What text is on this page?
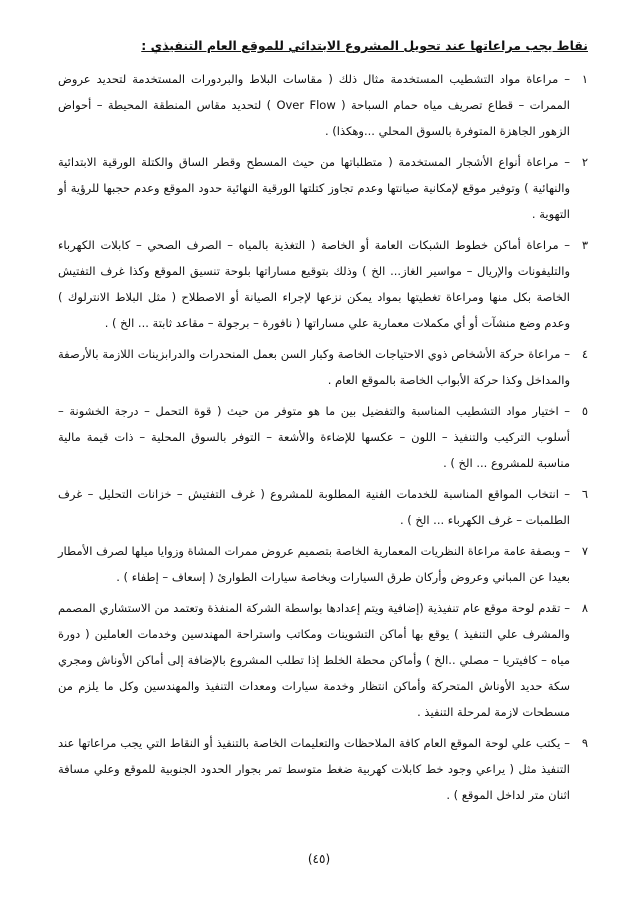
نقاط يجب مراعاتها عند تحويل المشروع الابتدائي للموقع العام التنفيذي :
١
– مراعاة مواد التشطيب المستخدمة مثال ذلك ( مقاسات البلاط والبردورات المستخدمة لتحديد عروض الممرات – قطاع تصريف مياه حمام السباحة ( Over Flow ) لتحديد مقاس المنطقة المحيطة – أحواض الزهور الجاهزة المتوفرة بالسوق المحلي ...وهكذا) .
٢
– مراعاة أنواع الأشجار المستخدمة ( متطلباتها من حيث المسطح وقطر الساق والكتلة الورقية الابتدائية والنهائية ) وتوفير موقع لإمكانية صيانتها وعدم تجاوز كتلتها الورقية النهائية حدود الموقع وعدم حجبها للرؤية أو التهوية .
٣
– مراعاة أماكن خطوط الشبكات العامة أو الخاصة ( التغذية بالمياه – الصرف الصحي – كابلات الكهرباء والتليفونات والإريال – مواسير الغاز... الخ ) وذلك بتوقيع مساراتها بلوحة تنسيق الموقع وكذا غرف التفتيش الخاصة بكل منها ومراعاة تغطيتها بمواد يمكن نزعها لإجراء الصيانة أو الاصطلاح ( مثل البلاط الانترلوك ) وعدم وضع منشآت أو أي مكملات معمارية علي مساراتها ( نافورة – برجولة – مقاعد ثابتة ... الخ ) .
٤
– مراعاة حركة الأشخاص ذوي الاحتياجات الخاصة وكبار السن بعمل المنحدرات والدرابزينات اللازمة بالأرصفة والمداخل وكذا حركة الأبواب الخاصة بالموقع العام .
٥
– اختيار مواد التشطيب المناسبة والتفضيل بين ما هو متوفر من حيث ( قوة التحمل – درجة الخشونة – أسلوب التركيب والتنفيذ – اللون – عكسها للإضاءة والأشعة – التوفر بالسوق المحلية – ذات قيمة مالية مناسبة للمشروع ... الخ ) .
٦
– انتخاب المواقع المناسبة للخدمات الفنية المطلوبة للمشروع ( غرف التفتيش – خزانات التحليل – غرف الطلمبات – غرف الكهرباء ... الخ ) .
٧
– وبصفة عامة مراعاة النظريات المعمارية الخاصة بتصميم عروض ممرات المشاة وزوايا ميلها لصرف الأمطار بعيدا عن المباني وعروض وأركان طرق السيارات وبخاصة سيارات الطوارئ ( إسعاف – إطفاء ) .
٨
– تقدم لوحة موقع عام تنفيذية (إضافية ويتم إعدادها بواسطة الشركة المنفذة وتعتمد من الاستشاري المصمم والمشرف علي التنفيذ ) يوقع بها أماكن التشوينات ومكاتب واستراحة المهندسين وخدمات العاملين ( دورة مياه – كافيتريا – مصلي ..الخ ) وأماكن محطة الخلط إذا تطلب المشروع بالإضافة إلى أماكن الأوناش ومجري سكة حديد الأوناش المتحركة وأماكن انتظار وخدمة سيارات ومعدات التنفيذ والمهندسين وكل ما يلزم من مسطحات لازمة لمرحلة التنفيذ .
٩
– يكتب علي لوحة الموقع العام كافة الملاحظات والتعليمات الخاصة بالتنفيذ أو النقاط التي يجب مراعاتها عند التنفيذ مثل ( يراعي وجود خط كابلات كهربية ضغط متوسط تمر بجوار الحدود الجنوبية للموقع وعلي مسافة اثنان متر لداخل الموقع ) .
(٤٥)
